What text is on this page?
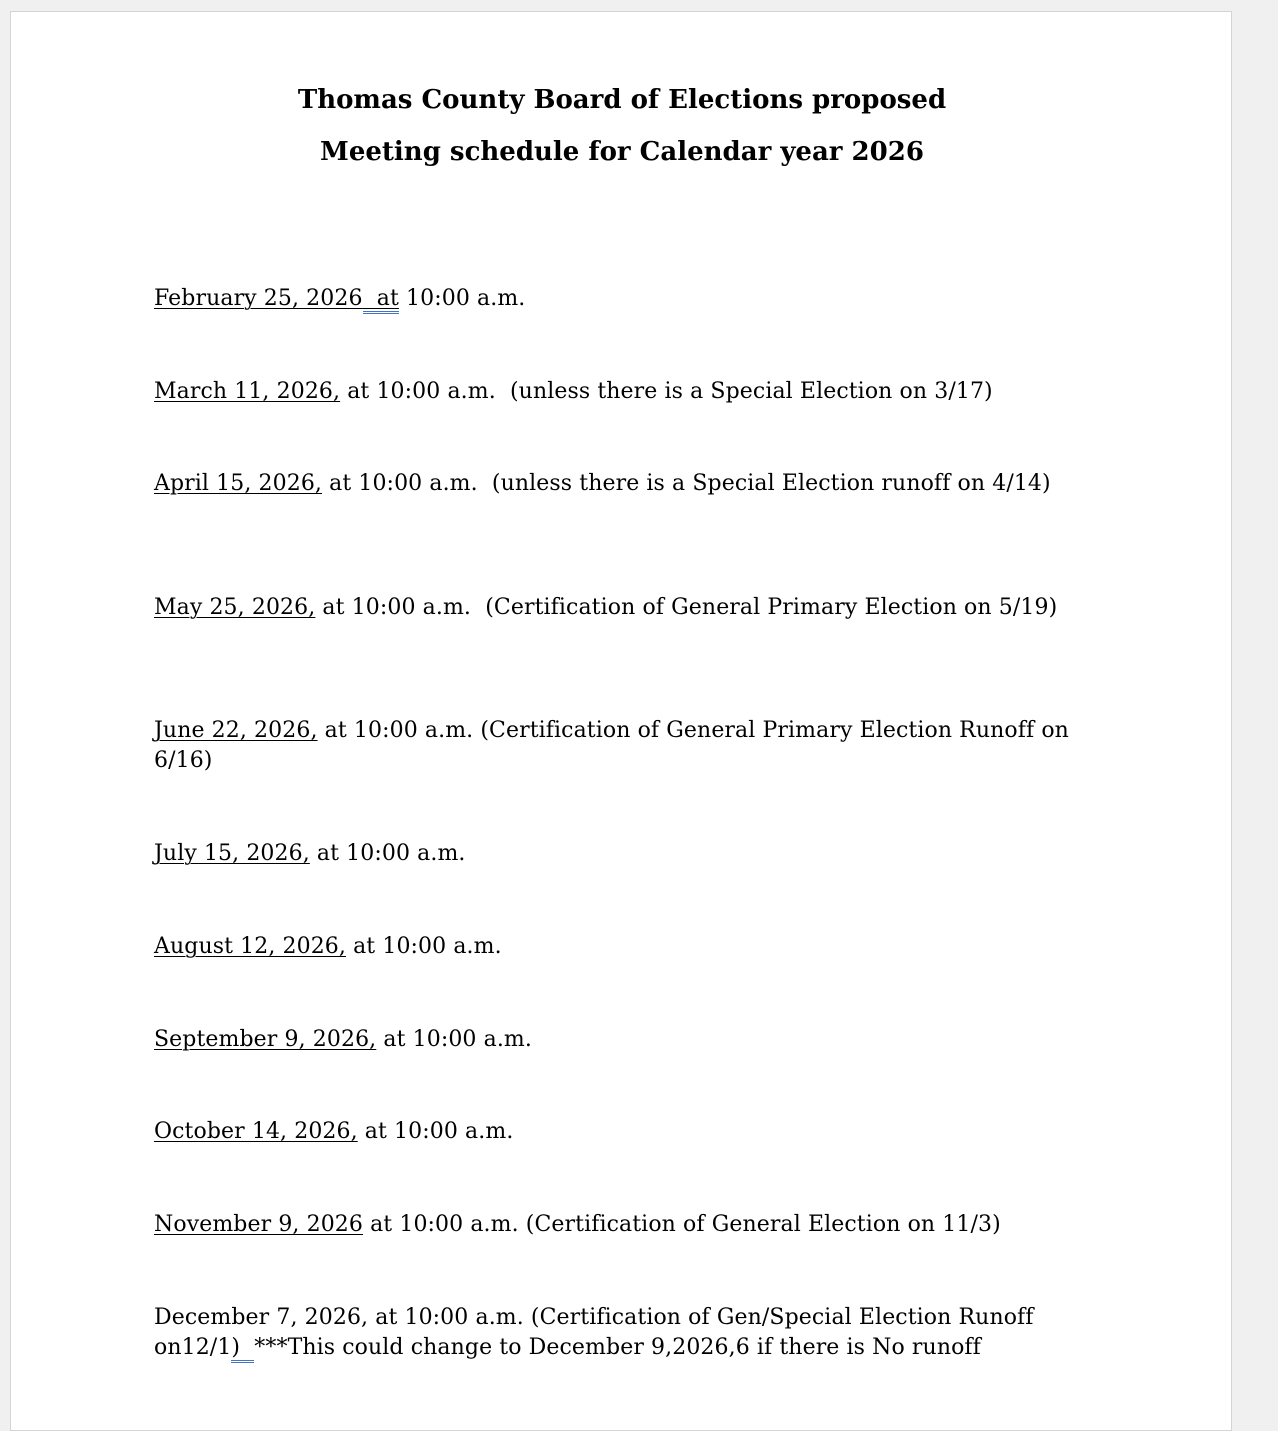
Thomas County Board of Elections proposed
Meeting schedule for Calendar year 2026
February 25, 2026  at 10:00 a.m.
March 11, 2026, at 10:00 a.m.  (unless there is a Special Election on 3/17)
April 15, 2026, at 10:00 a.m.  (unless there is a Special Election runoff on 4/14)
May 25, 2026, at 10:00 a.m.  (Certification of General Primary Election on 5/19)
June 22, 2026, at 10:00 a.m. (Certification of General Primary Election Runoff on 6/16)
July 15, 2026, at 10:00 a.m.
August 12, 2026, at 10:00 a.m.
September 9, 2026, at 10:00 a.m.
October 14, 2026, at 10:00 a.m.
November 9, 2026 at 10:00 a.m. (Certification of General Election on 11/3)
December 7, 2026, at 10:00 a.m. (Certification of Gen/Special Election Runoff on12/1)  ***This could change to December 9,2026,6 if there is No runoff
